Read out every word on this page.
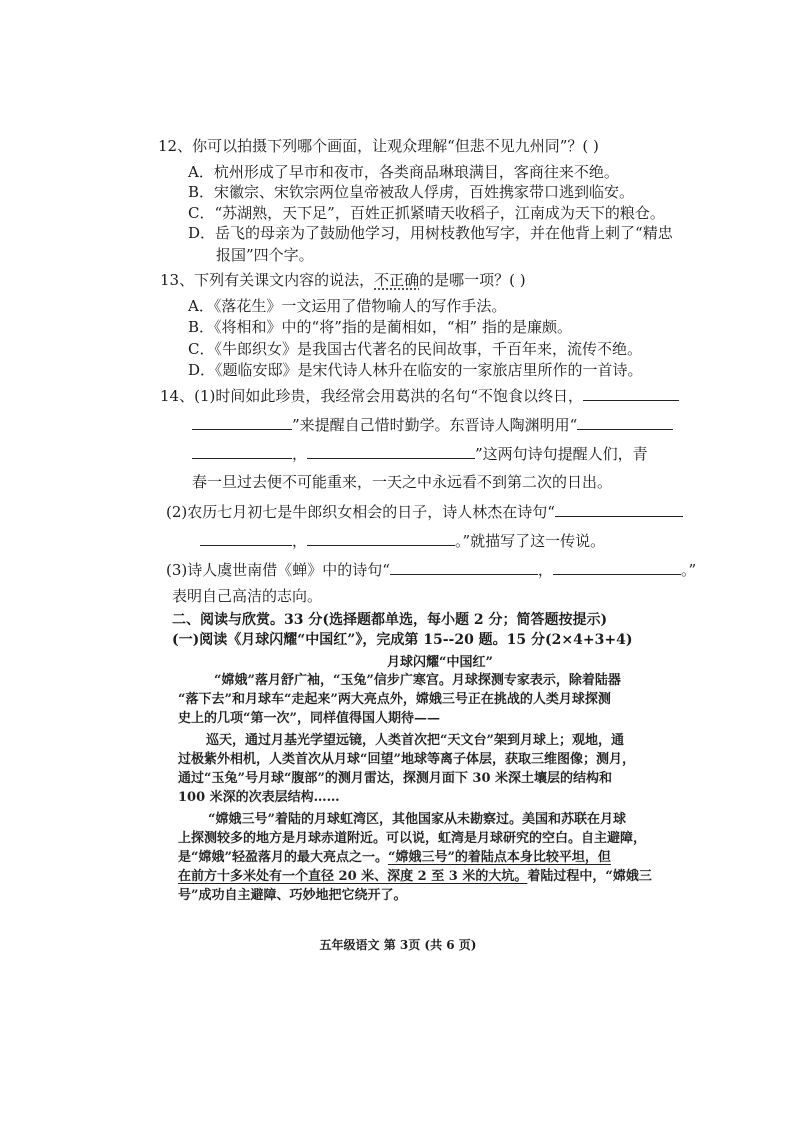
12、你可以拍摄下列哪个画面，让观众理解“但悲不见九州同”？( )
A．杭州形成了早市和夜市，各类商品琳琅满目，客商往来不绝。
B．宋徽宗、宋钦宗两位皇帝被敌人俘虏，百姓携家带口逃到临安。
C．“苏湖熟，天下足”，百姓正抓紧晴天收稻子，江南成为天下的粮仓。
D．岳飞的母亲为了鼓励他学习，用树枝教他写字，并在他背上刺了“精忠
报国”四个字。
13、下列有关课文内容的说法，不正确的是哪一项？( )
A．《落花生》一文运用了借物喻人的写作手法。
B．《将相和》中的“将”指的是蔺相如，“相” 指的是廉颇。
C．《牛郎织女》是我国古代著名的民间故事，千百年来，流传不绝。
D．《题临安邸》是宋代诗人林升在临安的一家旅店里所作的一首诗。
14、(1)时间如此珍贵，我经常会用葛洪的名句“不饱食以终日，
”来提醒自己惜时勤学。东晋诗人陶渊明用“
，	”这两句诗句提醒人们，青
春一旦过去便不可能重来，一天之中永远看不到第二次的日出。
(2)农历七月初七是牛郎织女相会的日子，诗人林杰在诗句“
，	。”就描写了这一传说。
(3)诗人虞世南借《蝉》中的诗句“	，	。”
表明自己高洁的志向。
二、阅读与欣赏。33 分(选择题都单选，每小题 2 分；简答题按提示)
(一)阅读《月球闪耀“中国红”》，完成第 15--20 题。15 分(2×4+3+4)
月球闪耀“中国红”
“嫦娥”落月舒广袖，“玉兔”信步广寒宫。月球探测专家表示，除着陆器
“落下去”和月球车“走起来”两大亮点外，嫦娥三号正在挑战的人类月球探测
史上的几项“第一次”，同样值得国人期待——
巡天，通过月基光学望远镜，人类首次把“天文台”架到月球上；观地，通
过极紫外相机，人类首次从月球“回望”地球等离子体层，获取三维图像；测月，
通过“玉兔”号月球“腹部”的测月雷达，探测月面下 30 米深土壤层的结构和
100 米深的次表层结构……
“嫦娥三号”着陆的月球虹湾区，其他国家从未勘察过。美国和苏联在月球
上探测较多的地方是月球赤道附近。可以说，虹湾是月球研究的空白。自主避障，
是“嫦娥”轻盈落月的最大亮点之一。“嫦娥三号”的着陆点本身比较平坦，但
在前方十多米处有一个直径 20 米、深度 2 至 3 米的大坑。着陆过程中，“嫦娥三
号”成功自主避障、巧妙地把它绕开了。
五年级语文 第 3页 (共 6 页)
